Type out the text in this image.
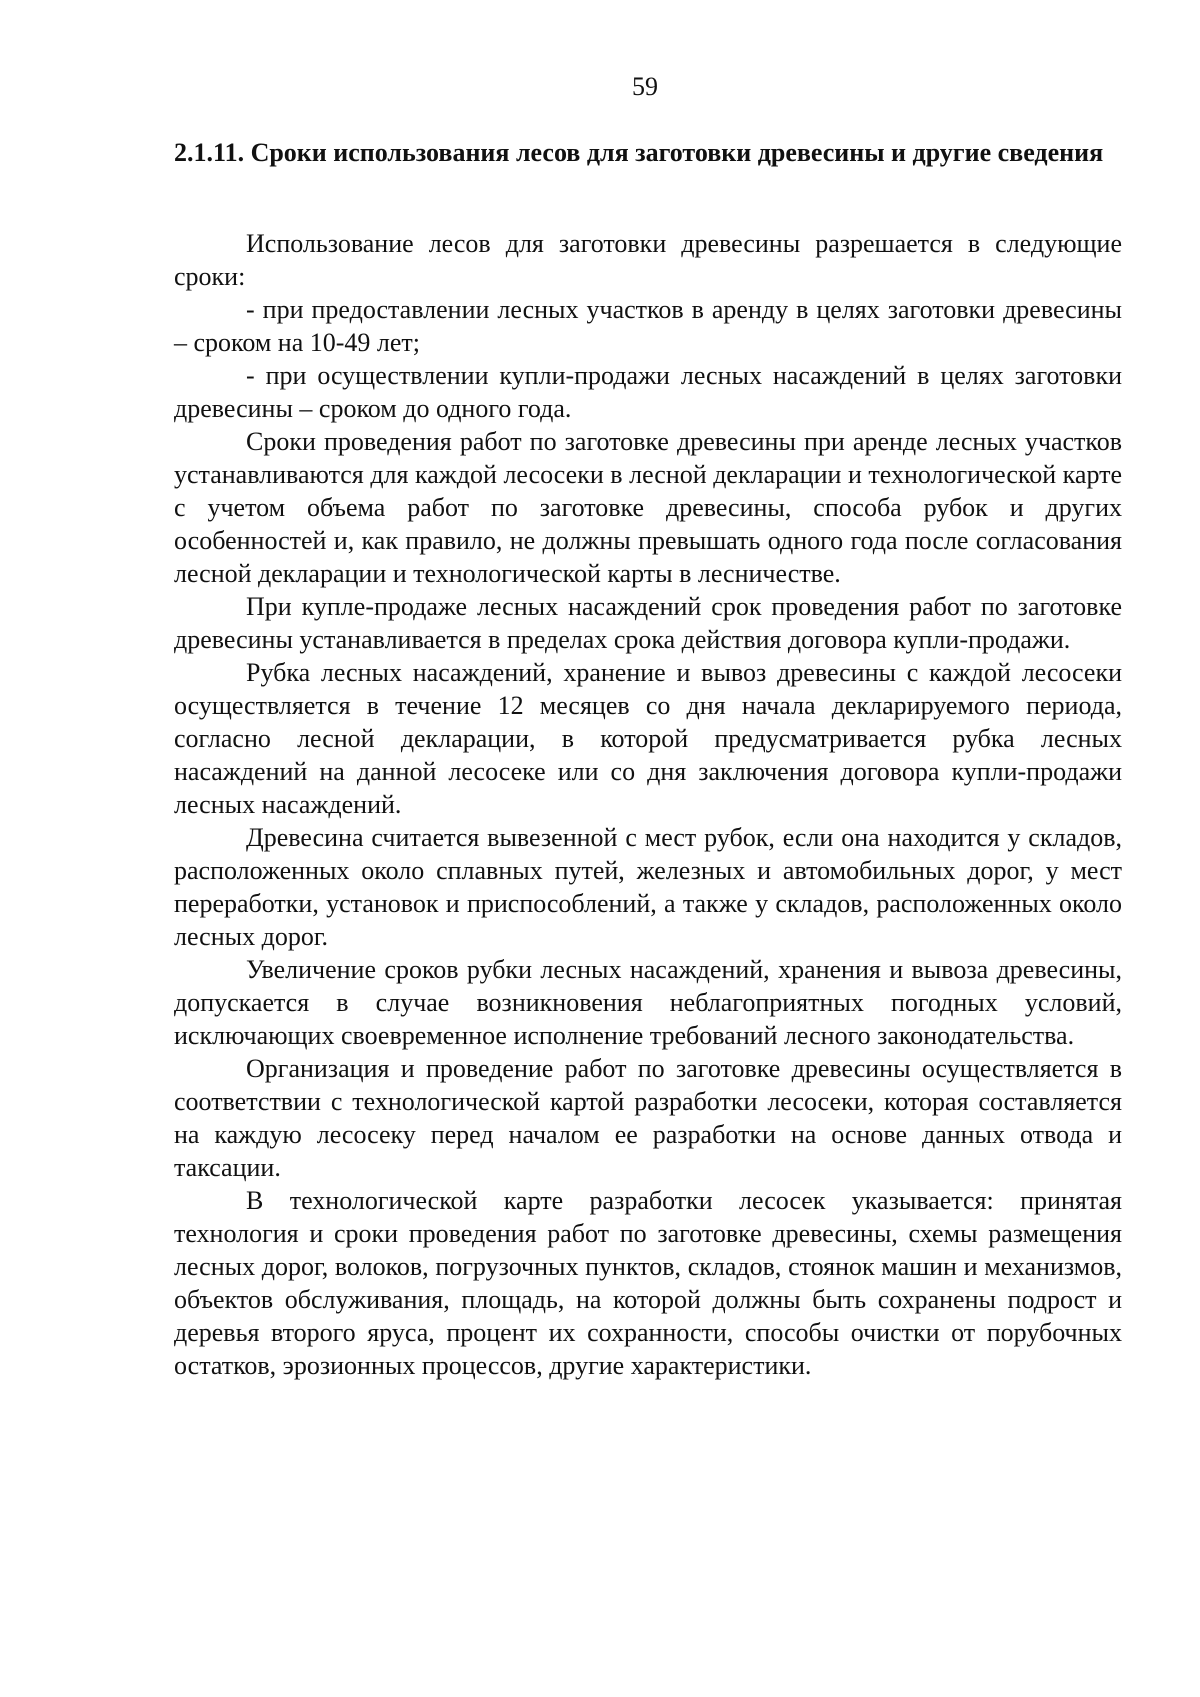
59
2.1.11. Сроки использования лесов для заготовки древесины и другие сведения

Использование лесов для заготовки древесины разрешается в следующие сроки:

- при предоставлении лесных участков в аренду в целях заготовки древесины – сроком на 10-49 лет;

- при осуществлении купли-продажи лесных насаждений в целях заготовки древесины – сроком до одного года.

Сроки проведения работ по заготовке древесины при аренде лесных участков устанавливаются для каждой лесосеки в лесной декларации и технологической карте с учетом объема работ по заготовке древесины, способа рубок и других особенностей и, как правило, не должны превышать одного года после согласования лесной декларации и технологической карты в лесничестве.

При купле-продаже лесных насаждений срок проведения работ по заготовке древесины устанавливается в пределах срока действия договора купли-продажи.

Рубка лесных насаждений, хранение и вывоз древесины с каждой лесосеки осуществляется в течение 12 месяцев со дня начала декларируемого периода, согласно лесной декларации, в которой предусматривается рубка лесных насаждений на данной лесосеке или со дня заключения договора купли-продажи лесных насаждений.

Древесина считается вывезенной с мест рубок, если она находится у складов, расположенных около сплавных путей, железных и автомобильных дорог, у мест переработки, установок и приспособлений, а также у складов, расположенных около лесных дорог.

Увеличение сроков рубки лесных насаждений, хранения и вывоза древесины, допускается в случае возникновения неблагоприятных погодных условий, исключающих своевременное исполнение требований лесного законодательства.

Организация и проведение работ по заготовке древесины осуществляется в соответствии с технологической картой разработки лесосеки, которая составляется на каждую лесосеку перед началом ее разработки на основе данных отвода и таксации.

В технологической карте разработки лесосек указывается: принятая технология и сроки проведения работ по заготовке древесины, схемы размещения лесных дорог, волоков, погрузочных пунктов, складов, стоянок машин и механизмов, объектов обслуживания, площадь, на которой должны быть сохранены подрост и деревья второго яруса, процент их сохранности, способы очистки от порубочных остатков, эрозионных процессов, другие характеристики.
